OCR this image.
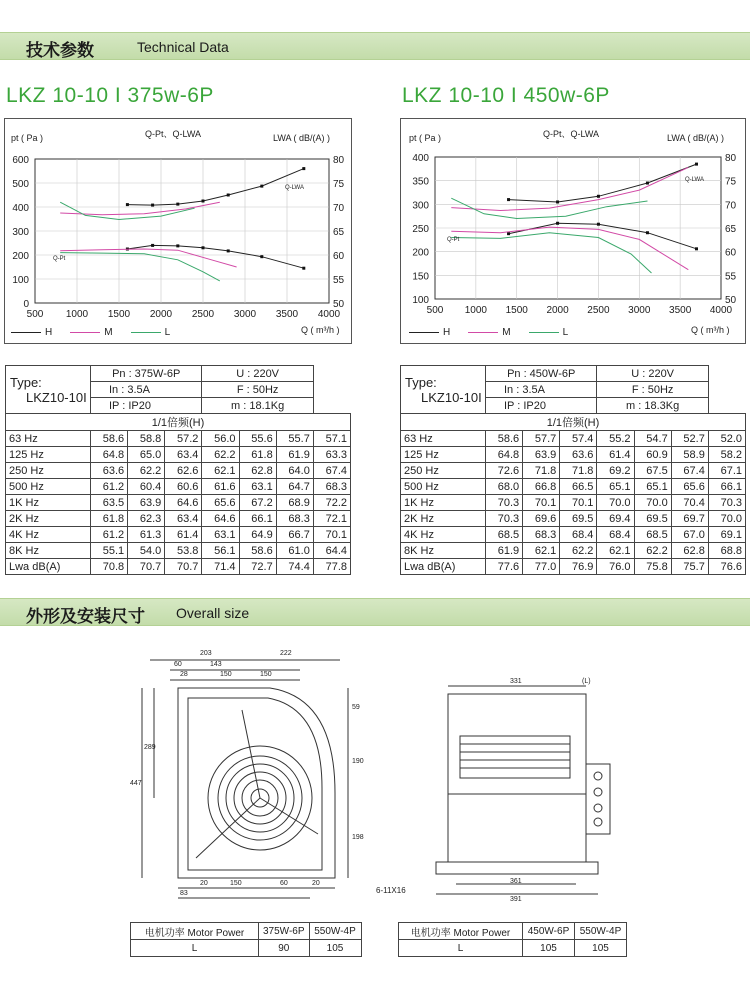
技术参数	Technical Data
LKZ 10-10 I 375w-6P	LKZ 10-10 I 450w-6P
500 1000 1500 2000 2500 3000 3500 4000
600
500
400
300
200
100
0
80
75
70
65
60
55
50
pt ( Pa )	Q-Pt、Q-LWA	LWA ( dB/(A) )
Q ( m³/h )
Q-Pt
Q-LWA
H	M	L
500 1000 1500 2000 2500 3000 3500 4000
400
350
300
250
200
150
100
80
75
70
65
60
55
50
pt ( Pa )	Q-Pt、Q-LWA	LWA ( dB/(A) )
Q ( m³/h )
Q-Pt
Q-LWA
H	M	L
Type:
LKZ10-10I	Pn : 375W-6P			U : 220V			
	In : 3.5A			F : 50Hz			
	IP : IP20			m : 18.1Kg			
1/1倍频(H)							
63 Hz	58.6	58.8	57.2	56.0	55.6	55.7	57.1
125 Hz	64.8	65.0	63.4	62.2	61.8	61.9	63.3
250 Hz	63.6	62.2	62.6	62.1	62.8	64.0	67.4
500 Hz	61.2	60.4	60.6	61.6	63.1	64.7	68.3
1K Hz	63.5	63.9	64.6	65.6	67.2	68.9	72.2
2K Hz	61.8	62.3	63.4	64.6	66.1	68.3	72.1
4K Hz	61.2	61.3	61.4	63.1	64.9	66.7	70.1
8K Hz	55.1	54.0	53.8	56.1	58.6	61.0	64.4
Lwa dB(A)	70.8	70.7	70.7	71.4	72.7	74.4	77.8
Type:
LKZ10-10I	Pn : 450W-6P			U : 220V			
	In : 3.5A			F : 50Hz			
	IP : IP20			m : 18.3Kg			
1/1倍频(H)							
63 Hz	58.6	57.7	57.4	55.2	54.7	52.7	52.0
125 Hz	64.8	63.9	63.6	61.4	60.9	58.9	58.2
250 Hz	72.6	71.8	71.8	69.2	67.5	67.4	67.1
500 Hz	68.0	66.8	66.5	65.1	65.1	65.6	66.1
1K Hz	70.3	70.1	70.1	70.0	70.0	70.4	70.3
2K Hz	70.3	69.6	69.5	69.4	69.5	69.7	70.0
4K Hz	68.5	68.3	68.4	68.4	68.5	67.0	69.1
8K Hz	61.9	62.1	62.2	62.1	62.2	62.8	68.8
Lwa dB(A)	77.6	77.0	76.9	76.0	75.8	75.7	76.6
外形及安装尺寸 Overall size
203	222
60	143
28	150	150
59
289
447
190
198
83
150
20	60	20
331	(L)
361
391
6-11X16
电机功率 Motor Power	375W-6P	550W-4P
L	90	105
电机功率 Motor Power	450W-6P	550W-4P
L	105	105
